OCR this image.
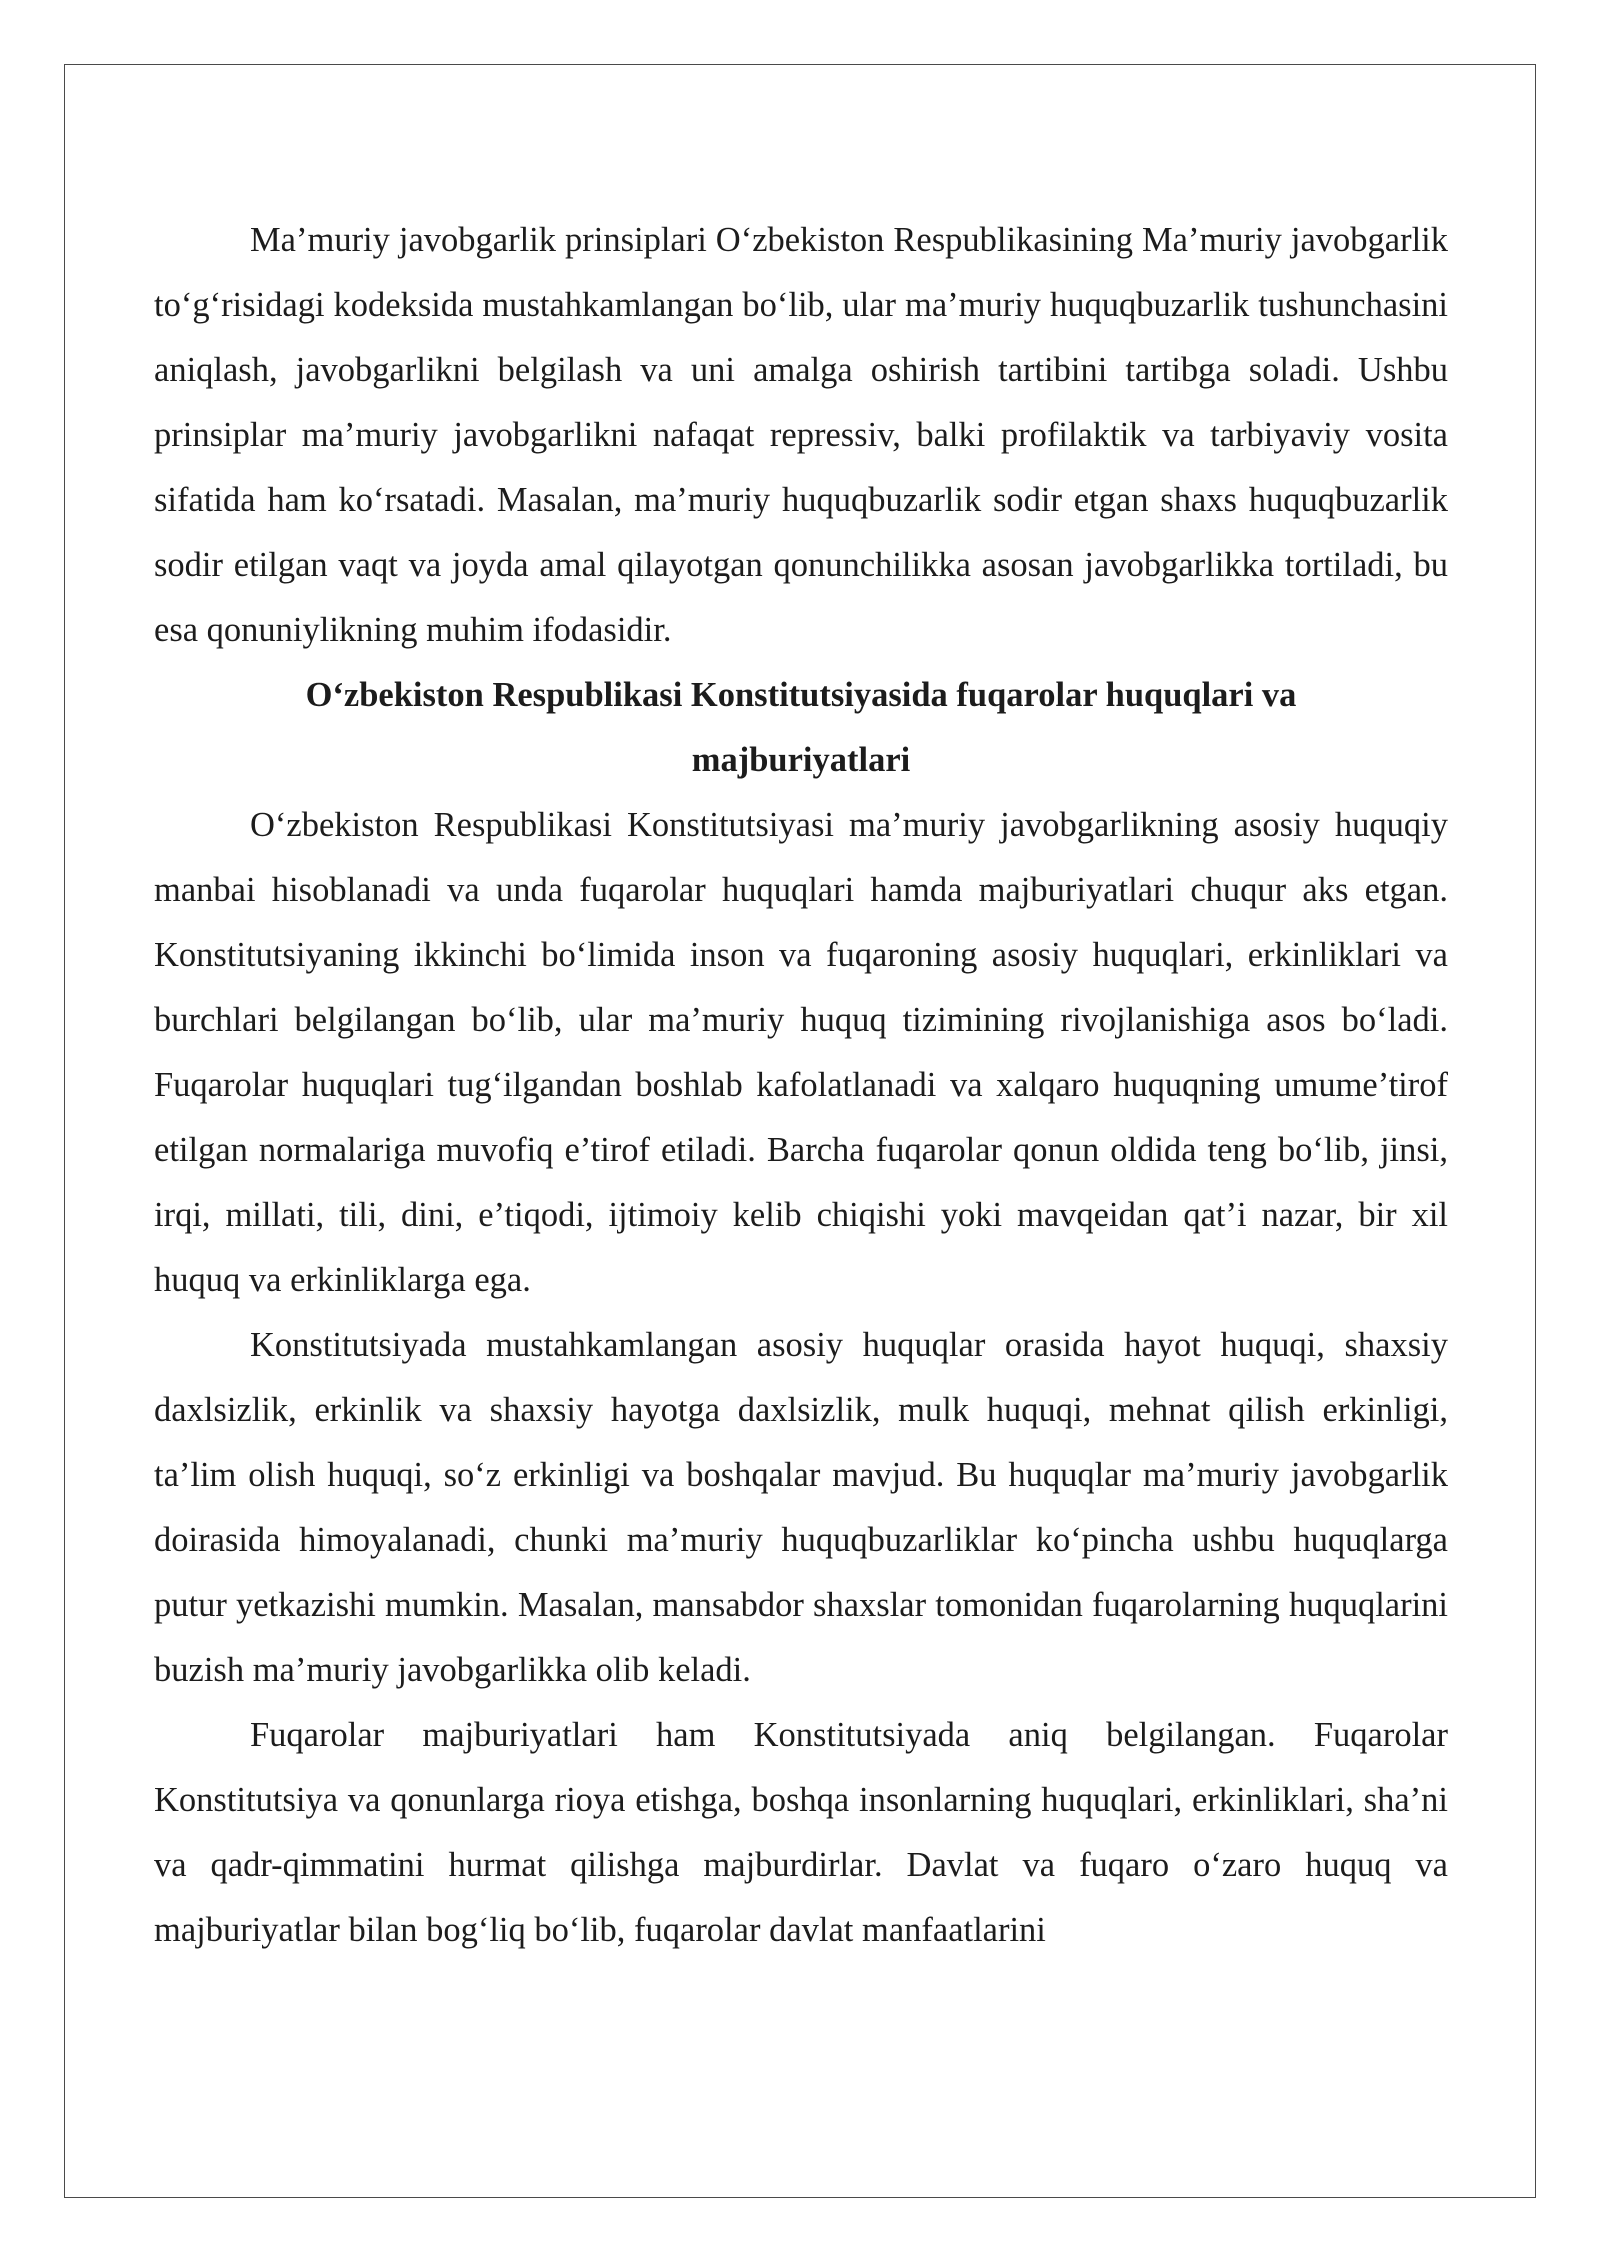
Ma’muriy javobgarlik prinsiplari O‘zbekiston Respublikasining Ma’muriy javobgarlik to‘g‘risidagi kodeksida mustahkamlangan bo‘lib, ular ma’muriy huquqbuzarlik tushunchasini aniqlash, javobgarlikni belgilash va uni amalga oshirish tartibini tartibga soladi. Ushbu prinsiplar ma’muriy javobgarlikni nafaqat repressiv, balki profilaktik va tarbiyaviy vosita sifatida ham ko‘rsatadi. Masalan, ma’muriy huquqbuzarlik sodir etgan shaxs huquqbuzarlik sodir etilgan vaqt va joyda amal qilayotgan qonunchilikka asosan javobgarlikka tortiladi, bu esa qonuniylikning muhim ifodasidir.

O‘zbekiston Respublikasi Konstitutsiyasida fuqarolar huquqlari va majburiyatlari

O‘zbekiston Respublikasi Konstitutsiyasi ma’muriy javobgarlikning asosiy huquqiy manbai hisoblanadi va unda fuqarolar huquqlari hamda majburiyatlari chuqur aks etgan. Konstitutsiyaning ikkinchi bo‘limida inson va fuqaroning asosiy huquqlari, erkinliklari va burchlari belgilangan bo‘lib, ular ma’muriy huquq tizimining rivojlanishiga asos bo‘ladi. Fuqarolar huquqlari tug‘ilgandan boshlab kafolatlanadi va xalqaro huquqning umume’tirof etilgan normalariga muvofiq e’tirof etiladi. Barcha fuqarolar qonun oldida teng bo‘lib, jinsi, irqi, millati, tili, dini, e’tiqodi, ijtimoiy kelib chiqishi yoki mavqeidan qat’i nazar, bir xil huquq va erkinliklarga ega.

Konstitutsiyada mustahkamlangan asosiy huquqlar orasida hayot huquqi, shaxsiy daxlsizlik, erkinlik va shaxsiy hayotga daxlsizlik, mulk huquqi, mehnat qilish erkinligi, ta’lim olish huquqi, so‘z erkinligi va boshqalar mavjud. Bu huquqlar ma’muriy javobgarlik doirasida himoyalanadi, chunki ma’muriy huquqbuzarliklar ko‘pincha ushbu huquqlarga putur yetkazishi mumkin. Masalan, mansabdor shaxslar tomonidan fuqarolarning huquqlarini buzish ma’muriy javobgarlikka olib keladi.

Fuqarolar majburiyatlari ham Konstitutsiyada aniq belgilangan. Fuqarolar Konstitutsiya va qonunlarga rioya etishga, boshqa insonlarning huquqlari, erkinliklari, sha’ni va qadr-qimmatini hurmat qilishga majburdirlar. Davlat va fuqaro o‘zaro huquq va majburiyatlar bilan bog‘liq bo‘lib, fuqarolar davlat manfaatlarini
